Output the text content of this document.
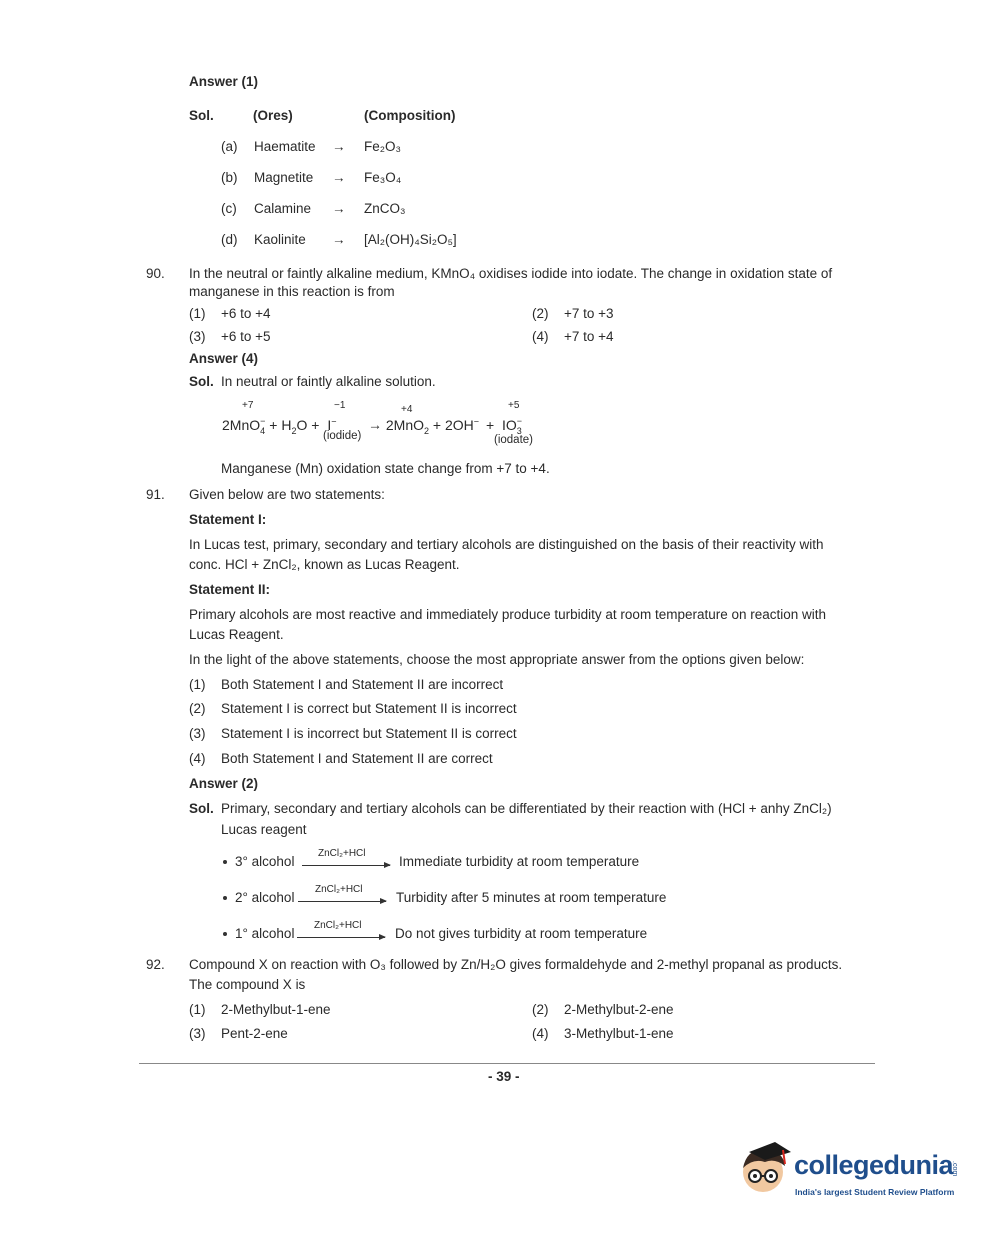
Answer (1)
Sol.	(Ores)	(Composition)
(a) Haematite → Fe₂O₃
(b) Magnetite → Fe₃O₄
(c) Calamine → ZnCO₃
(d) Kaolinite → [Al₂(OH)₄Si₂O₅]
90. In the neutral or faintly alkaline medium, KMnO₄ oxidises iodide into iodate. The change in oxidation state of
manganese in this reaction is from
(1) +6 to +4	(2) +7 to +3
(3) +6 to +5	(4) +7 to +4
Answer (4)
Sol. In neutral or faintly alkaline solution.
+7	−1	+4	+5
2MnO −
$4 + H_2O + I^- \to 2MnO_2 + 2OH^-$ + IO −
3
(iodide)	(iodate)
Manganese (Mn) oxidation state change from +7 to +4.
91. Given below are two statements:
Statement I:
In Lucas test, primary, secondary and tertiary alcohols are distinguished on the basis of their reactivity with
conc. HCl + ZnCl₂, known as Lucas Reagent.
Statement II:
Primary alcohols are most reactive and immediately produce turbidity at room temperature on reaction with
Lucas Reagent.
In the light of the above statements, choose the most appropriate answer from the options given below:
(1) Both Statement I and Statement II are incorrect
(2) Statement I is correct but Statement II is incorrect
(3) Statement I is incorrect but Statement II is correct
(4) Both Statement I and Statement II are correct
Answer (2)
Sol. Primary, secondary and tertiary alcohols can be differentiated by their reaction with (HCl + anhy ZnCl₂)
Lucas reagent
3° alcohol
ZnCl₂+HCl
Immediate turbidity at room temperature
2° alcohol
ZnCl₂+HCl
Turbidity after 5 minutes at room temperature
1° alcohol
ZnCl₂+HCl
Do not gives turbidity at room temperature
92. Compound X on reaction with O₃ followed by Zn/H₂O gives formaldehyde and 2-methyl propanal as products.
The compound X is
(1) 2-Methylbut-1-ene	(2) 2-Methylbut-2-ene
(3) Pent-2-ene	(4) 3-Methylbut-1-ene
- 39 -
collegedunia
.com
India's largest Student Review Platform
